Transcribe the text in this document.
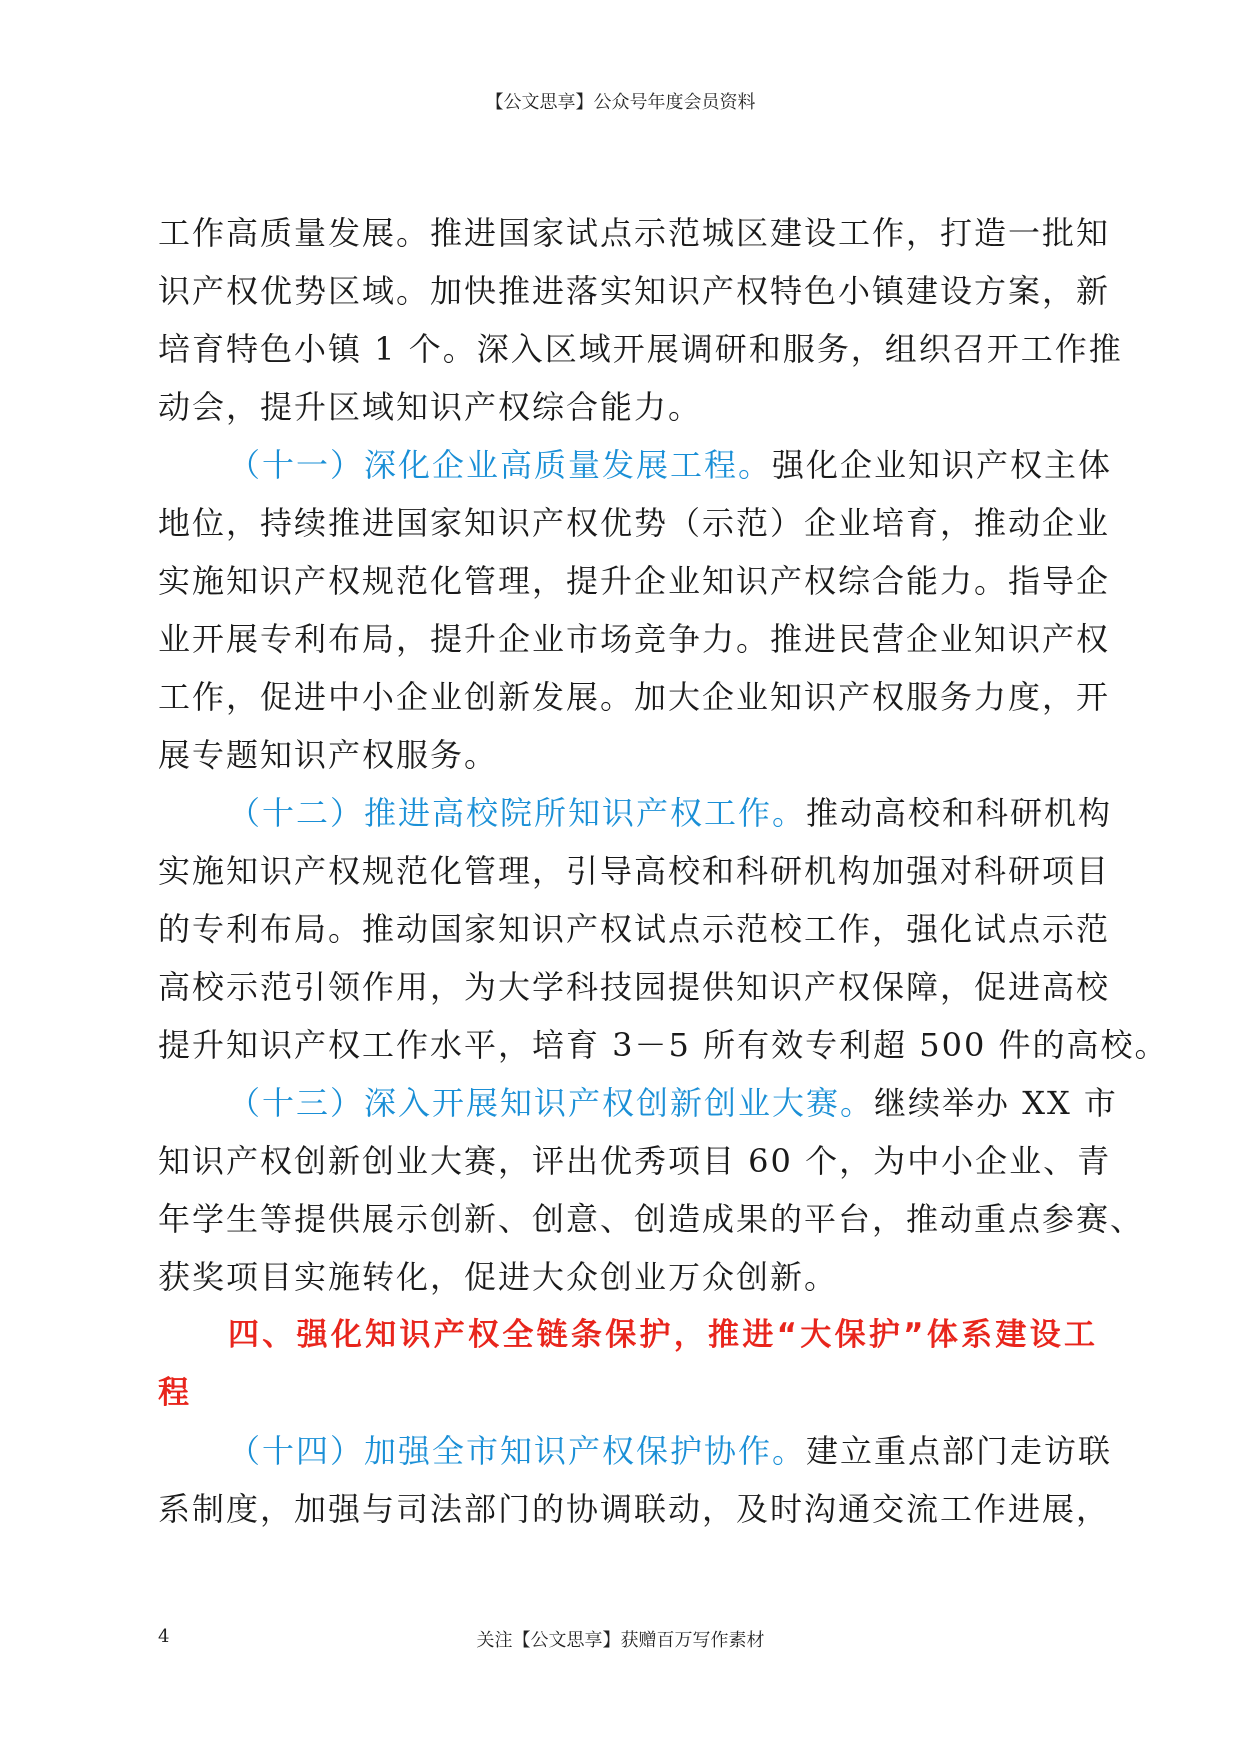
【公文思享】公众号年度会员资料
工作高质量发展。推进国家试点示范城区建设工作，打造一批知
识产权优势区域。加快推进落实知识产权特色小镇建设方案，新
培育特色小镇 1 个。深入区域开展调研和服务，组织召开工作推
动会，提升区域知识产权综合能力。
（十一）深化企业高质量发展工程。强化企业知识产权主体
地位，持续推进国家知识产权优势（示范）企业培育，推动企业
实施知识产权规范化管理，提升企业知识产权综合能力。指导企
业开展专利布局，提升企业市场竞争力。推进民营企业知识产权
工作，促进中小企业创新发展。加大企业知识产权服务力度，开
展专题知识产权服务。
（十二）推进高校院所知识产权工作。推动高校和科研机构
实施知识产权规范化管理，引导高校和科研机构加强对科研项目
的专利布局。推动国家知识产权试点示范校工作，强化试点示范
高校示范引领作用，为大学科技园提供知识产权保障，促进高校
提升知识产权工作水平，培育 3－5 所有效专利超 500 件的高校。
（十三）深入开展知识产权创新创业大赛。继续举办 XX 市
知识产权创新创业大赛，评出优秀项目 60 个，为中小企业、青
年学生等提供展示创新、创意、创造成果的平台，推动重点参赛、
获奖项目实施转化，促进大众创业万众创新。
四、强化知识产权全链条保护，推进“大保护”体系建设工
程
（十四）加强全市知识产权保护协作。建立重点部门走访联
系制度，加强与司法部门的协调联动，及时沟通交流工作进展，
4	关注【公文思享】获赠百万写作素材
